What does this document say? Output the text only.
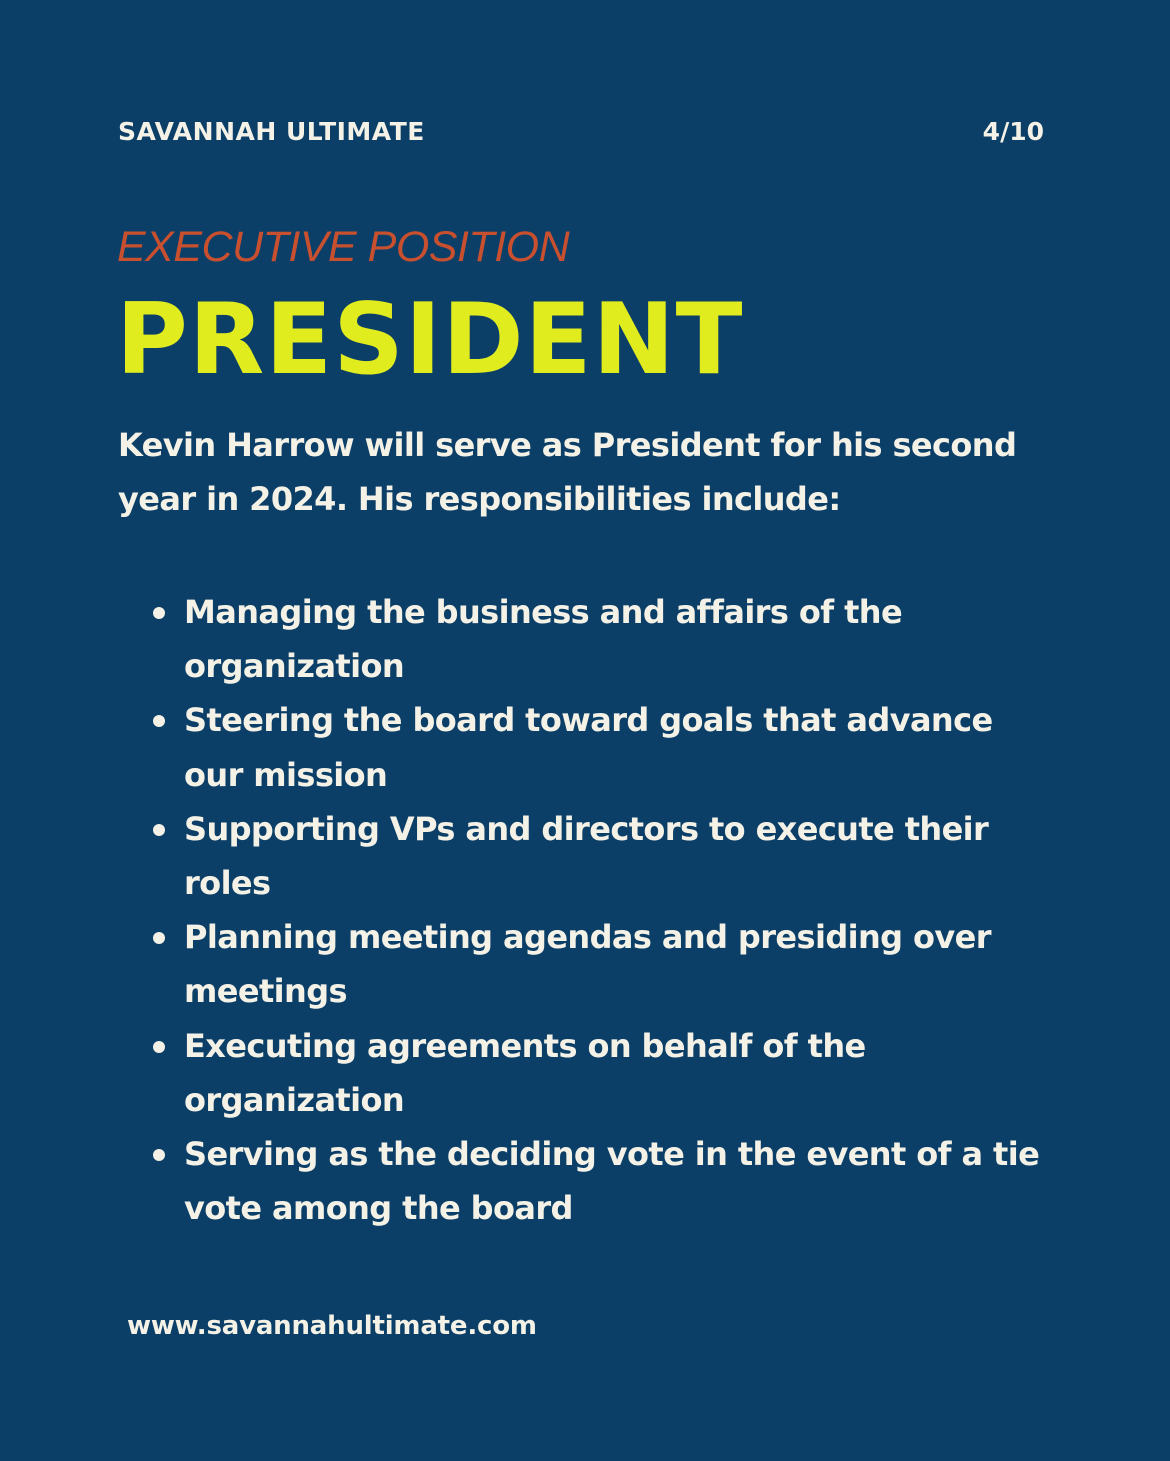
SAVANNAH ULTIMATE	4/10
EXECUTIVE POSITION
PRESIDENT
Kevin Harrow will serve as President for his second year in 2024. His responsibilities include:
Managing the business and affairs of the organization
Steering the board toward goals that advance our mission
Supporting VPs and directors to execute their roles
Planning meeting agendas and presiding over meetings
Executing agreements on behalf of the organization
Serving as the deciding vote in the event of a tie vote among the board
www.savannahultimate.com
